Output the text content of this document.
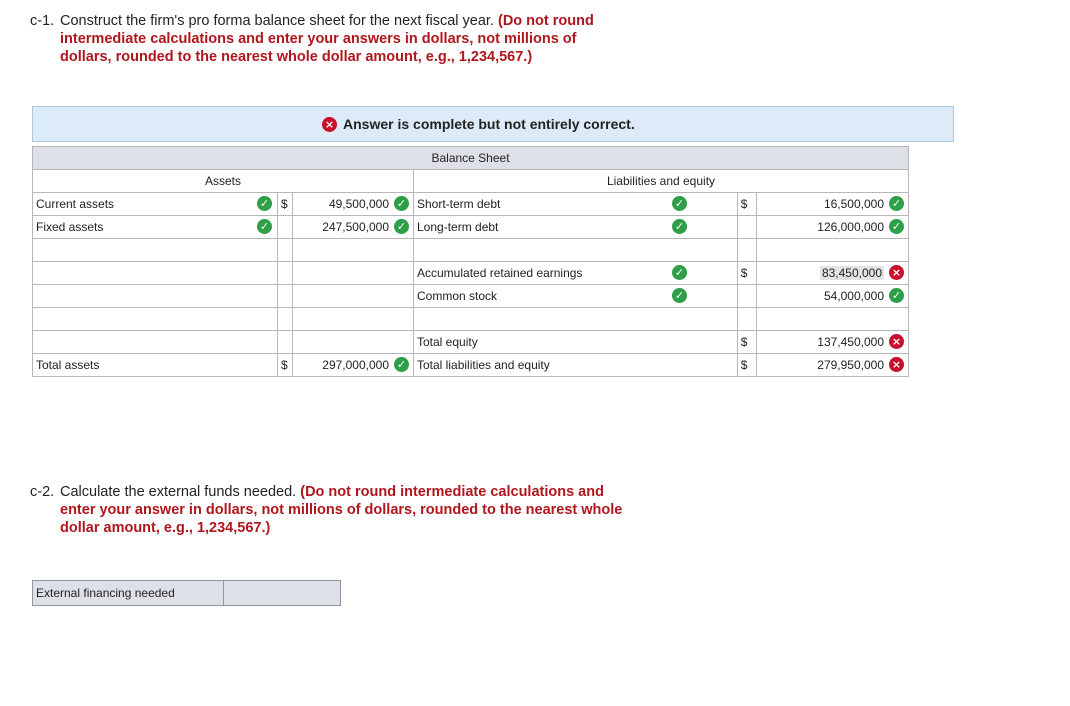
c-1. Construct the firm's pro forma balance sheet for the next fiscal year. (Do not round
intermediate calculations and enter your answers in dollars, not millions of
dollars, rounded to the nearest whole dollar amount, e.g., 1,234,567.)
× Answer is complete but not entirely correct.
Balance Sheet					
Assets			Liabilities and equity		

Current assets ✓	$	49,500,000 ✓	Short-term debt ✓	$	16,500,000 ✓

Fixed assets ✓		247,500,000 ✓	Long-term debt ✓		126,000,000 ✓

			Accumulated retained earnings ✓	$	83,450,000 ×

			Common stock ✓		54,000,000 ✓

			Total equity	$	137,450,000 ×

Total assets	$	297,000,000 ✓	Total liabilities and equity	$	279,950,000 ×
c-2. Calculate the external funds needed. (Do not round intermediate calculations and
enter your answer in dollars, not millions of dollars, rounded to the nearest whole
dollar amount, e.g., 1,234,567.)
External financing needed	
